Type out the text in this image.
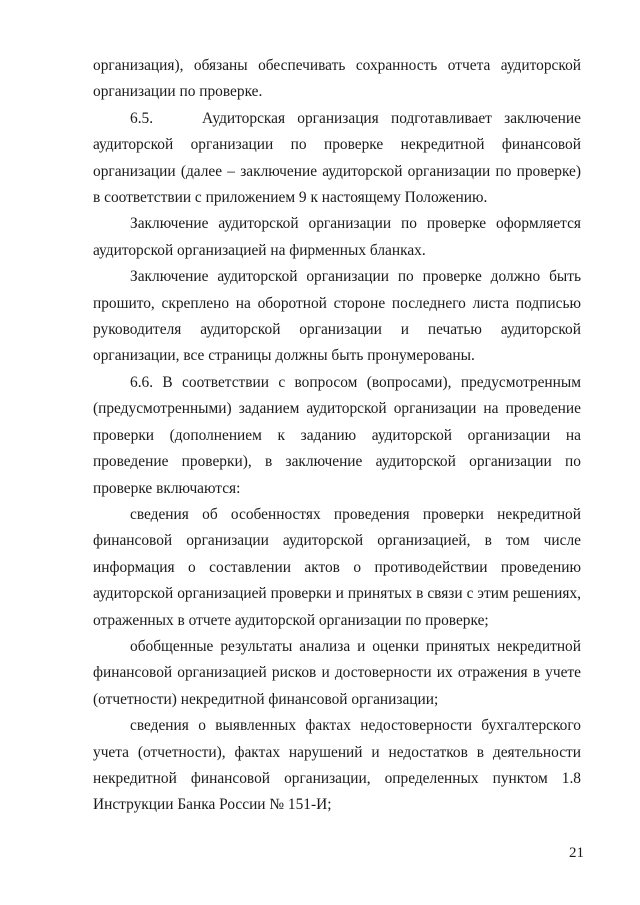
организация), обязаны обеспечивать сохранность отчета аудиторской организации по проверке.

6.5.    Аудиторская организация подготавливает заключение аудиторской организации по проверке некредитной финансовой организации (далее – заключение аудиторской организации по проверке) в соответствии с приложением 9 к настоящему Положению.

Заключение аудиторской организации по проверке оформляется аудиторской организацией на фирменных бланках.

Заключение аудиторской организации по проверке должно быть прошито, скреплено на оборотной стороне последнего листа подписью руководителя аудиторской организации и печатью аудиторской организации, все страницы должны быть пронумерованы.

6.6. В соответствии с вопросом (вопросами), предусмотренным (предусмотренными) заданием аудиторской организации на проведение проверки (дополнением к заданию аудиторской организации на проведение проверки), в заключение аудиторской организации по проверке включаются:

сведения об особенностях проведения проверки некредитной финансовой организации аудиторской организацией, в том числе информация о составлении актов о противодействии проведению аудиторской организацией проверки и принятых в связи с этим решениях, отраженных в отчете аудиторской организации по проверке;

обобщенные результаты анализа и оценки принятых некредитной финансовой организацией рисков и достоверности их отражения в учете (отчетности) некредитной финансовой организации;

сведения о выявленных фактах недостоверности бухгалтерского учета (отчетности), фактах нарушений и недостатков в деятельности некредитной финансовой организации, определенных пунктом 1.8 Инструкции Банка России № 151-И;

21
